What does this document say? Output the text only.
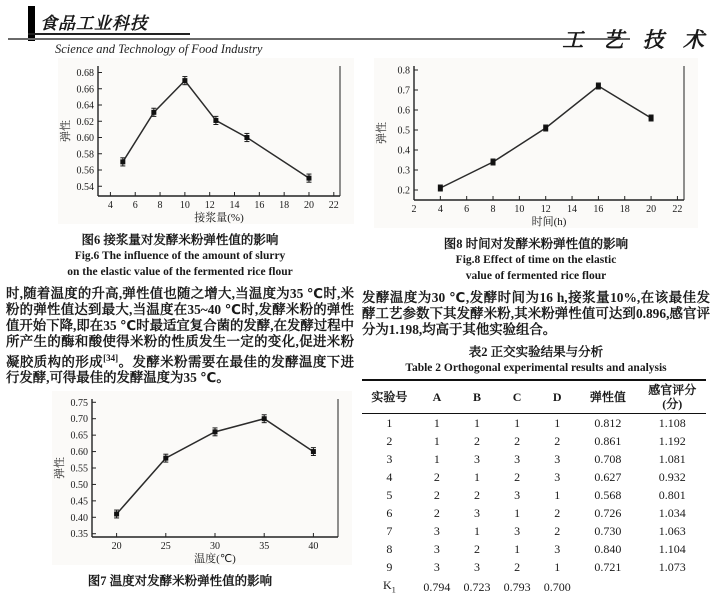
食品工业科技
Science and Technology of Food Industry	工 艺 技 术
4 6 8 10 12 14 16 18 20 22
0.54
0.56
0.58
0.60
0.62
0.64
0.66
0.68
接浆量(%)
弹性
图6 接浆量对发酵米粉弹性值的影响
Fig.6 The influence of the amount of slurry
on the elastic value of the fermented rice flour
时,随着温度的升高,弹性值也随之增大,当温度为35 ℃时,米粉的弹性值达到最大,当温度在35~40 ℃时,发酵米粉的弹性值开始下降,即在35 ℃时最适宜复合菌的发酵,在发酵过程中所产生的酶和酸使得米粉的性质发生一定的变化,促进米粉凝胶质构的形成[34]。发酵米粉需要在最佳的发酵温度下进行发酵,可得最佳的发酵温度为35 ℃。
20	25	30	35	40
0.35
0.40
0.45
0.50
0.55
0.60
0.65
0.70
0.75
温度(℃)
弹性
图7 温度对发酵米粉弹性值的影响
2 4 6 8 10 12 14 16 18 20 22
0.2
0.3
0.4
0.5
0.6
0.7
0.8
时间(h)
弹性
图8 时间对发酵米粉弹性值的影响
Fig.8 Effect of time on the elastic
value of fermented rice flour
发酵温度为30 ℃,发酵时间为16 h,接浆量10%,在该最佳发酵工艺参数下其发酵米粉,其米粉弹性值可达到0.896,感官评分为1.198,均高于其他实验组合。
表2 正交实验结果与分析
Table 2 Orthogonal experimental results and analysis
实验号	A	B	C	D	弹性值	感官评分
(分)
1	1	1	1	1	0.812	1.108
2	1	2	2	2	0.861	1.192
3	1	3	3	3	0.708	1.081
4	2	1	2	3	0.627	0.932
5	2	2	3	1	0.568	0.801
6	2	3	1	2	0.726	1.034
7	3	1	3	2	0.730	1.063
8	3	2	1	3	0.840	1.104
9	3	3	2	1	0.721	1.073
$K_1$	0.794	0.723	0.793	0.700		
